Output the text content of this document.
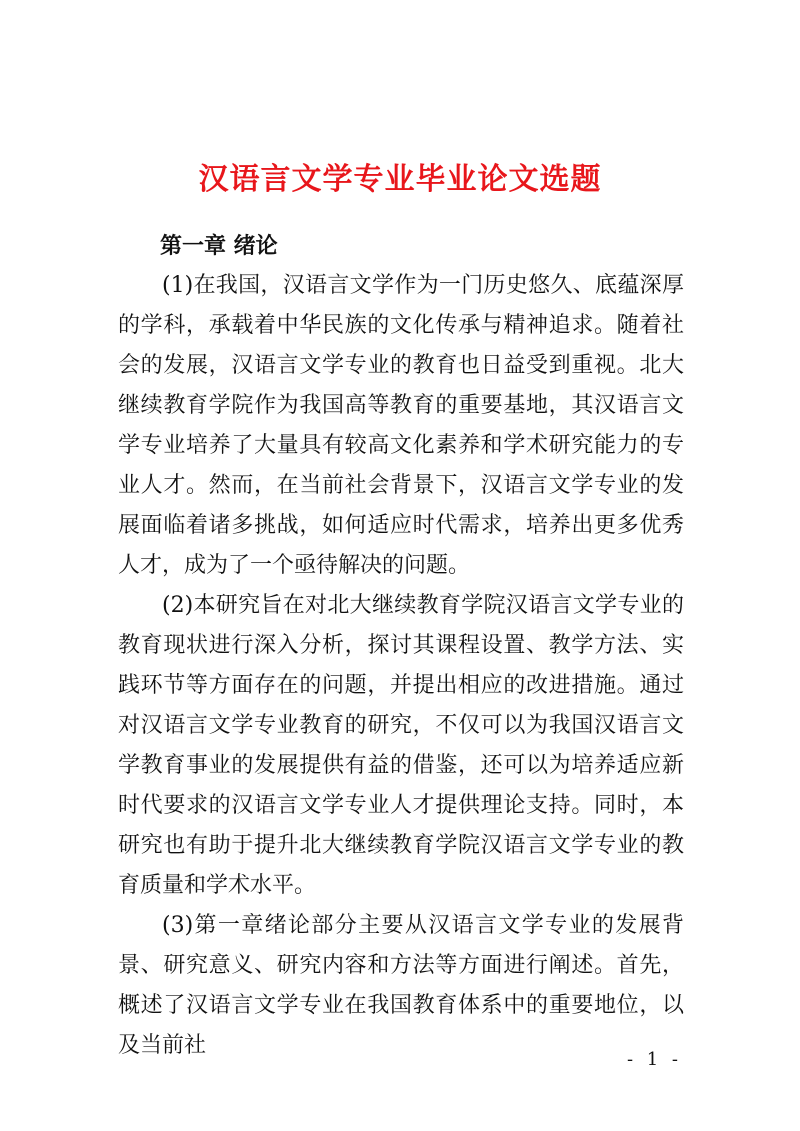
汉语言文学专业毕业论文选题
第一章 绪论

(1)在我国，汉语言文学作为一门历史悠久、底蕴深厚的学科，承载着中华民族的文化传承与精神追求。随着社会的发展，汉语言文学专业的教育也日益受到重视。北大继续教育学院作为我国高等教育的重要基地，其汉语言文学专业培养了大量具有较高文化素养和学术研究能力的专业人才。然而，在当前社会背景下，汉语言文学专业的发展面临着诸多挑战，如何适应时代需求，培养出更多优秀人才，成为了一个亟待解决的问题。

(2)本研究旨在对北大继续教育学院汉语言文学专业的教育现状进行深入分析，探讨其课程设置、教学方法、实践环节等方面存在的问题，并提出相应的改进措施。通过对汉语言文学专业教育的研究，不仅可以为我国汉语言文学教育事业的发展提供有益的借鉴，还可以为培养适应新时代要求的汉语言文学专业人才提供理论支持。同时，本研究也有助于提升北大继续教育学院汉语言文学专业的教育质量和学术水平。

(3)第一章绪论部分主要从汉语言文学专业的发展背景、研究意义、研究内容和方法等方面进行阐述。首先，概述了汉语言文学专业在我国教育体系中的重要地位，以及当前社

- 1 -
